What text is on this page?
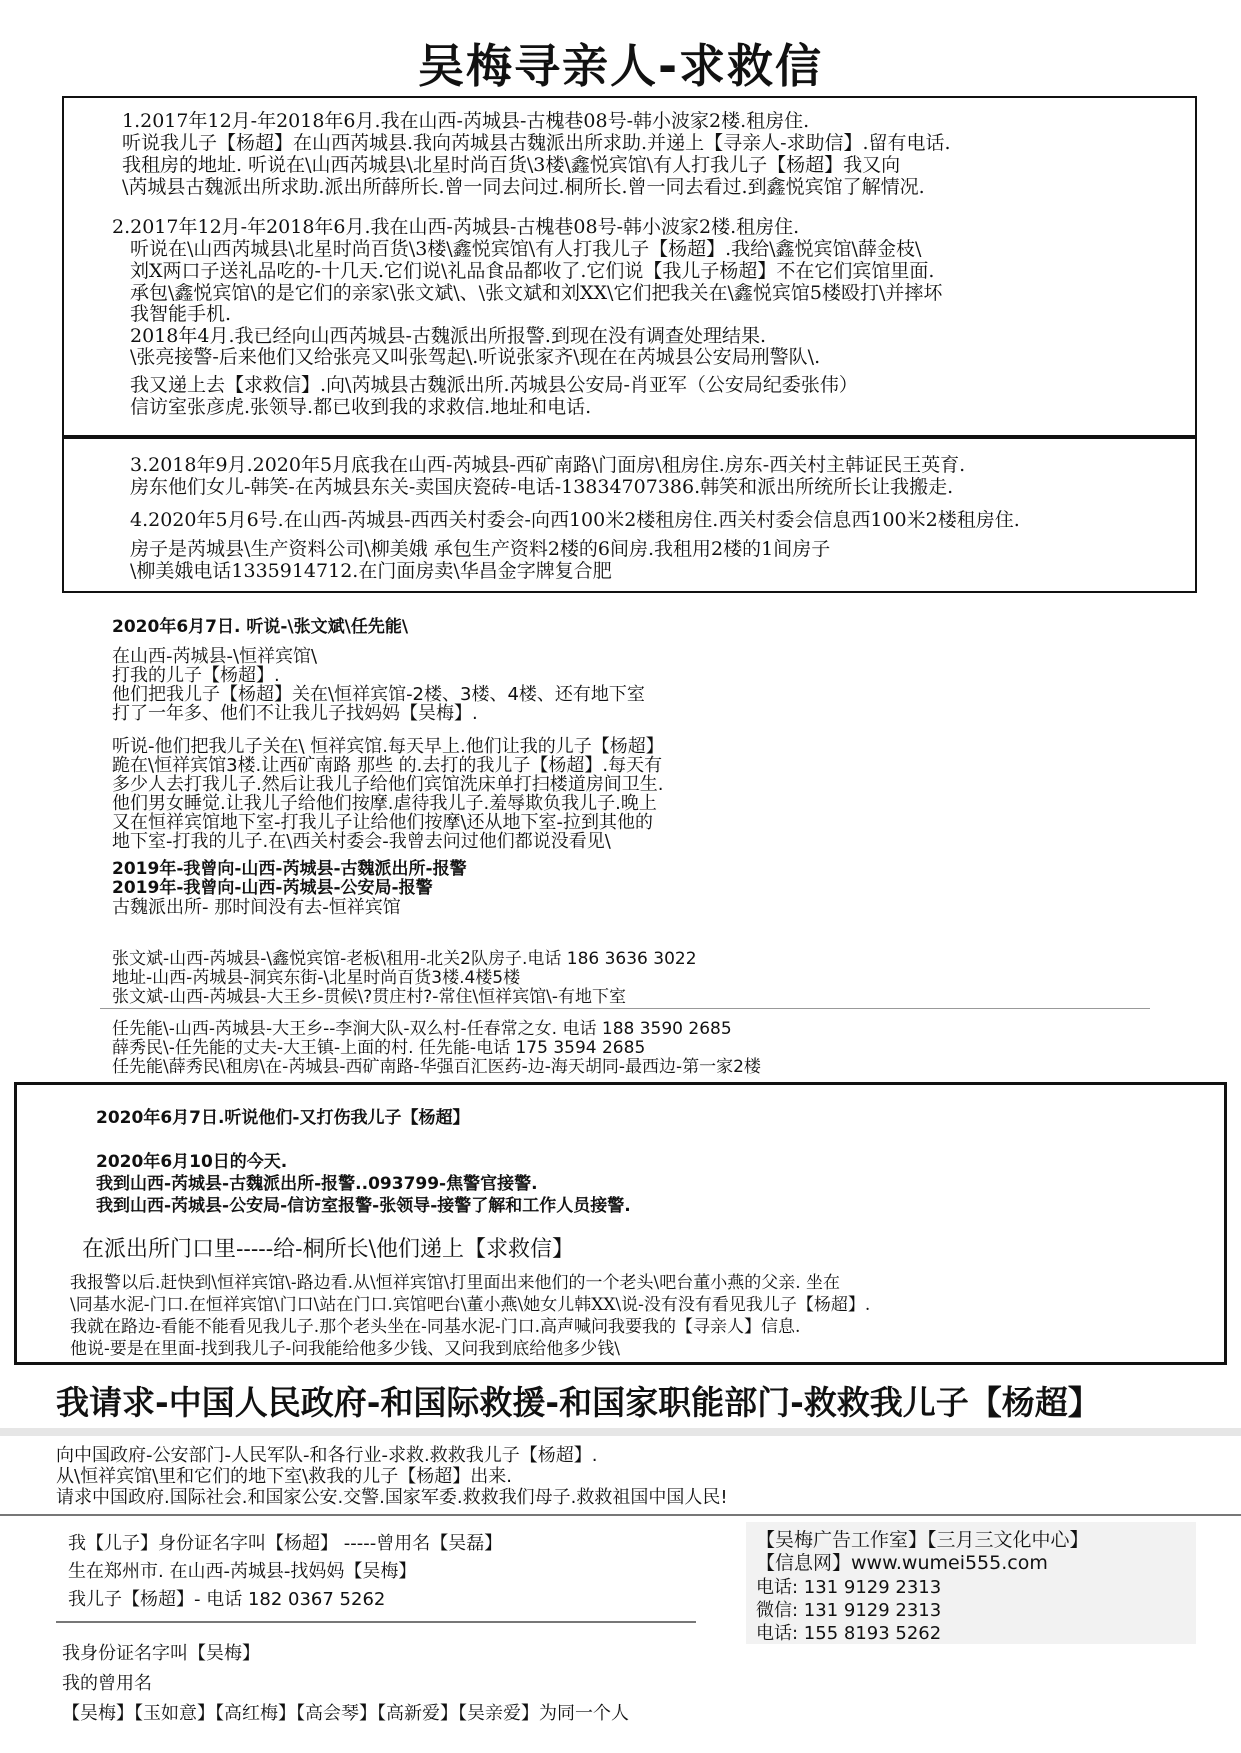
吴梅寻亲人-求救信
1.2017年12月-年2018年6月.我在山西-芮城县-古槐巷08号-韩小波家2楼.租房住.
听说我儿子【杨超】在山西芮城县.我向芮城县古魏派出所求助.并递上【寻亲人-求助信】.留有电话.
我租房的地址. 听说在\山西芮城县\北星时尚百货\3楼\鑫悦宾馆\有人打我儿子【杨超】我又向
\芮城县古魏派出所求助.派出所薛所长.曾一同去问过.桐所长.曾一同去看过.到鑫悦宾馆了解情况.
2.2017年12月-年2018年6月.我在山西-芮城县-古槐巷08号-韩小波家2楼.租房住.
听说在\山西芮城县\北星时尚百货\3楼\鑫悦宾馆\有人打我儿子【杨超】.我给\鑫悦宾馆\薛金枝\
刘X两口子送礼品吃的-十几天.它们说\礼品食品都收了.它们说【我儿子杨超】不在它们宾馆里面.
承包\鑫悦宾馆\的是它们的亲家\张文斌\、\张文斌和刘XX\它们把我关在\鑫悦宾馆5楼殴打\并摔坏
我智能手机.
2018年4月.我已经向山西芮城县-古魏派出所报警.到现在没有调查处理结果.
\张亮接警-后来他们又给张亮又叫张驾起\.听说张家齐\现在在芮城县公安局刑警队\.
我又递上去【求救信】.向\芮城县古魏派出所.芮城县公安局-肖亚军（公安局纪委张伟）
信访室张彦虎.张领导.都已收到我的求救信.地址和电话.
3.2018年9月.2020年5月底我在山西-芮城县-西矿南路\门面房\租房住.房东-西关村主韩证民王英育.
房东他们女儿-韩笑-在芮城县东关-卖国庆瓷砖-电话-13834707386.韩笑和派出所统所长让我搬走.
4.2020年5月6号.在山西-芮城县-西西关村委会-向西100米2楼租房住.西关村委会信息西100米2楼租房住.
房子是芮城县\生产资料公司\柳美娥 承包生产资料2楼的6间房.我租用2楼的1间房子
\柳美娥电话1335914712.在门面房卖\华昌金字牌复合肥
2020年6月7日. 听说-\张文斌\任先能\
在山西-芮城县-\恒祥宾馆\
打我的儿子【杨超】.
他们把我儿子【杨超】关在\恒祥宾馆-2楼、3楼、4楼、还有地下室
打了一年多、他们不让我儿子找妈妈【吴梅】.
听说-他们把我儿子关在\ 恒祥宾馆.每天早上.他们让我的儿子【杨超】
跪在\恒祥宾馆3楼.让西矿南路 那些 的.去打的我儿子【杨超】.每天有
多少人去打我儿子.然后让我儿子给他们宾馆洗床单打扫楼道房间卫生.
他们男女睡觉.让我儿子给他们按摩.虐待我儿子.羞辱欺负我儿子.晚上
又在恒祥宾馆地下室-打我儿子让给他们按摩\还从地下室-拉到其他的
地下室-打我的儿子.在\西关村委会-我曾去问过他们都说没看见\
2019年-我曾向-山西-芮城县-古魏派出所-报警
2019年-我曾向-山西-芮城县-公安局-报警
古魏派出所- 那时间没有去-恒祥宾馆
张文斌-山西-芮城县-\鑫悦宾馆-老板\租用-北关2队房子.电话 186 3636 3022
地址-山西-芮城县-洞宾东街-\北星时尚百货3楼.4楼5楼
张文斌-山西-芮城县-大王乡-贯候\?贯庄村?-常住\恒祥宾馆\-有地下室
任先能\-山西-芮城县-大王乡--李涧大队-双么村-任春常之女. 电话 188 3590 2685
薛秀民\-任先能的丈夫-大王镇-上面的村. 任先能-电话 175 3594 2685
任先能\薛秀民\租房\在-芮城县-西矿南路-华强百汇医药-边-海天胡同-最西边-第一家2楼
2020年6月7日.听说他们-又打伤我儿子【杨超】
2020年6月10日的今天.
我到山西-芮城县-古魏派出所-报警..093799-焦警官接警.
我到山西-芮城县-公安局-信访室报警-张领导-接警了解和工作人员接警.
在派出所门口里-----给-桐所长\他们递上【求救信】
我报警以后.赶快到\恒祥宾馆\-路边看.从\恒祥宾馆\打里面出来他们的一个老头\吧台董小燕的父亲. 坐在
\同基水泥-门口.在恒祥宾馆\门口\站在门口.宾馆吧台\董小燕\她女儿韩XX\说-没有没有看见我儿子【杨超】.
我就在路边-看能不能看见我儿子.那个老头坐在-同基水泥-门口.高声喊问我要我的【寻亲人】信息.
他说-要是在里面-找到我儿子-问我能给他多少钱、又问我到底给他多少钱\
我请求-中国人民政府-和国际救援-和国家职能部门-救救我儿子【杨超】
向中国政府-公安部门-人民军队-和各行业-求救.救救我儿子【杨超】.
从\恒祥宾馆\里和它们的地下室\救我的儿子【杨超】出来.
请求中国政府.国际社会.和国家公安.交警.国家军委.救救我们母子.救救祖国中国人民!
我【儿子】身份证名字叫【杨超】 -----曾用名【吴磊】
生在郑州市. 在山西-芮城县-找妈妈【吴梅】
我儿子【杨超】- 电话 182 0367 5262
【吴梅广告工作室】【三月三文化中心】
【信息网】www.wumei555.com
电话: 131 9129 2313
微信: 131 9129 2313
电话: 155 8193 5262
我身份证名字叫【吴梅】
我的曾用名
【吴梅】【玉如意】【高红梅】【高会琴】【高新爱】【吴亲爱】为同一个人
